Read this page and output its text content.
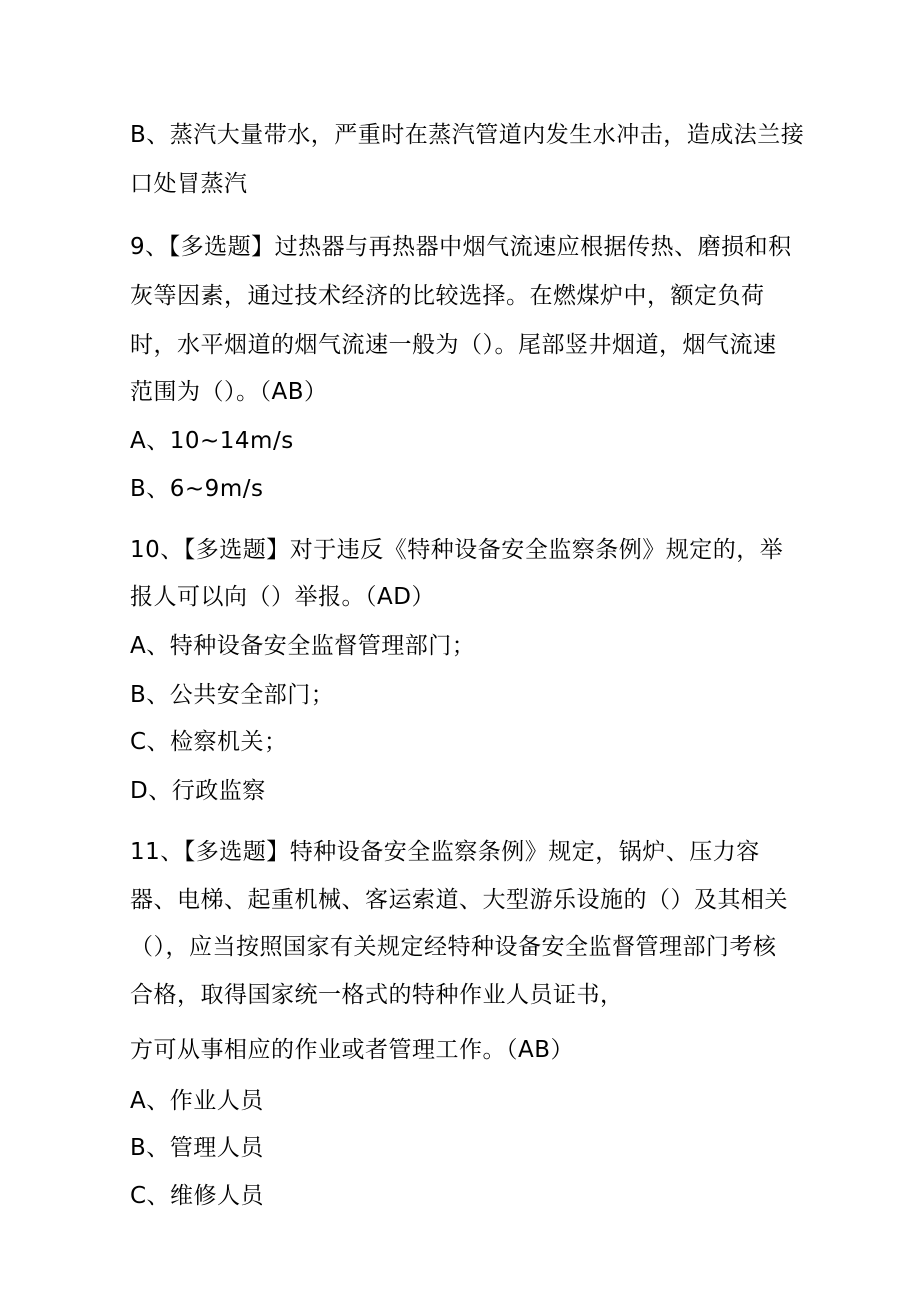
B、蒸汽大量带水，严重时在蒸汽管道内发生水冲击，造成法兰接
口处冒蒸汽
9、【多选题】过热器与再热器中烟气流速应根据传热、磨损和积
灰等因素，通过技术经济的比较选择。在燃煤炉中，额定负荷
时，水平烟道的烟气流速一般为（）。尾部竖井烟道，烟气流速
范围为（）。（AB）
A、10~14m/s
B、6~9m/s
10、【多选题】对于违反《特种设备安全监察条例》规定的，举
报人可以向（）举报。（AD）
A、特种设备安全监督管理部门；
B、公共安全部门；
C、检察机关；
D、行政监察
11、【多选题】特种设备安全监察条例》规定，锅炉、压力容
器、电梯、起重机械、客运索道、大型游乐设施的（）及其相关
（），应当按照国家有关规定经特种设备安全监督管理部门考核
合格，取得国家统一格式的特种作业人员证书，
方可从事相应的作业或者管理工作。（AB）
A、作业人员
B、管理人员
C、维修人员
